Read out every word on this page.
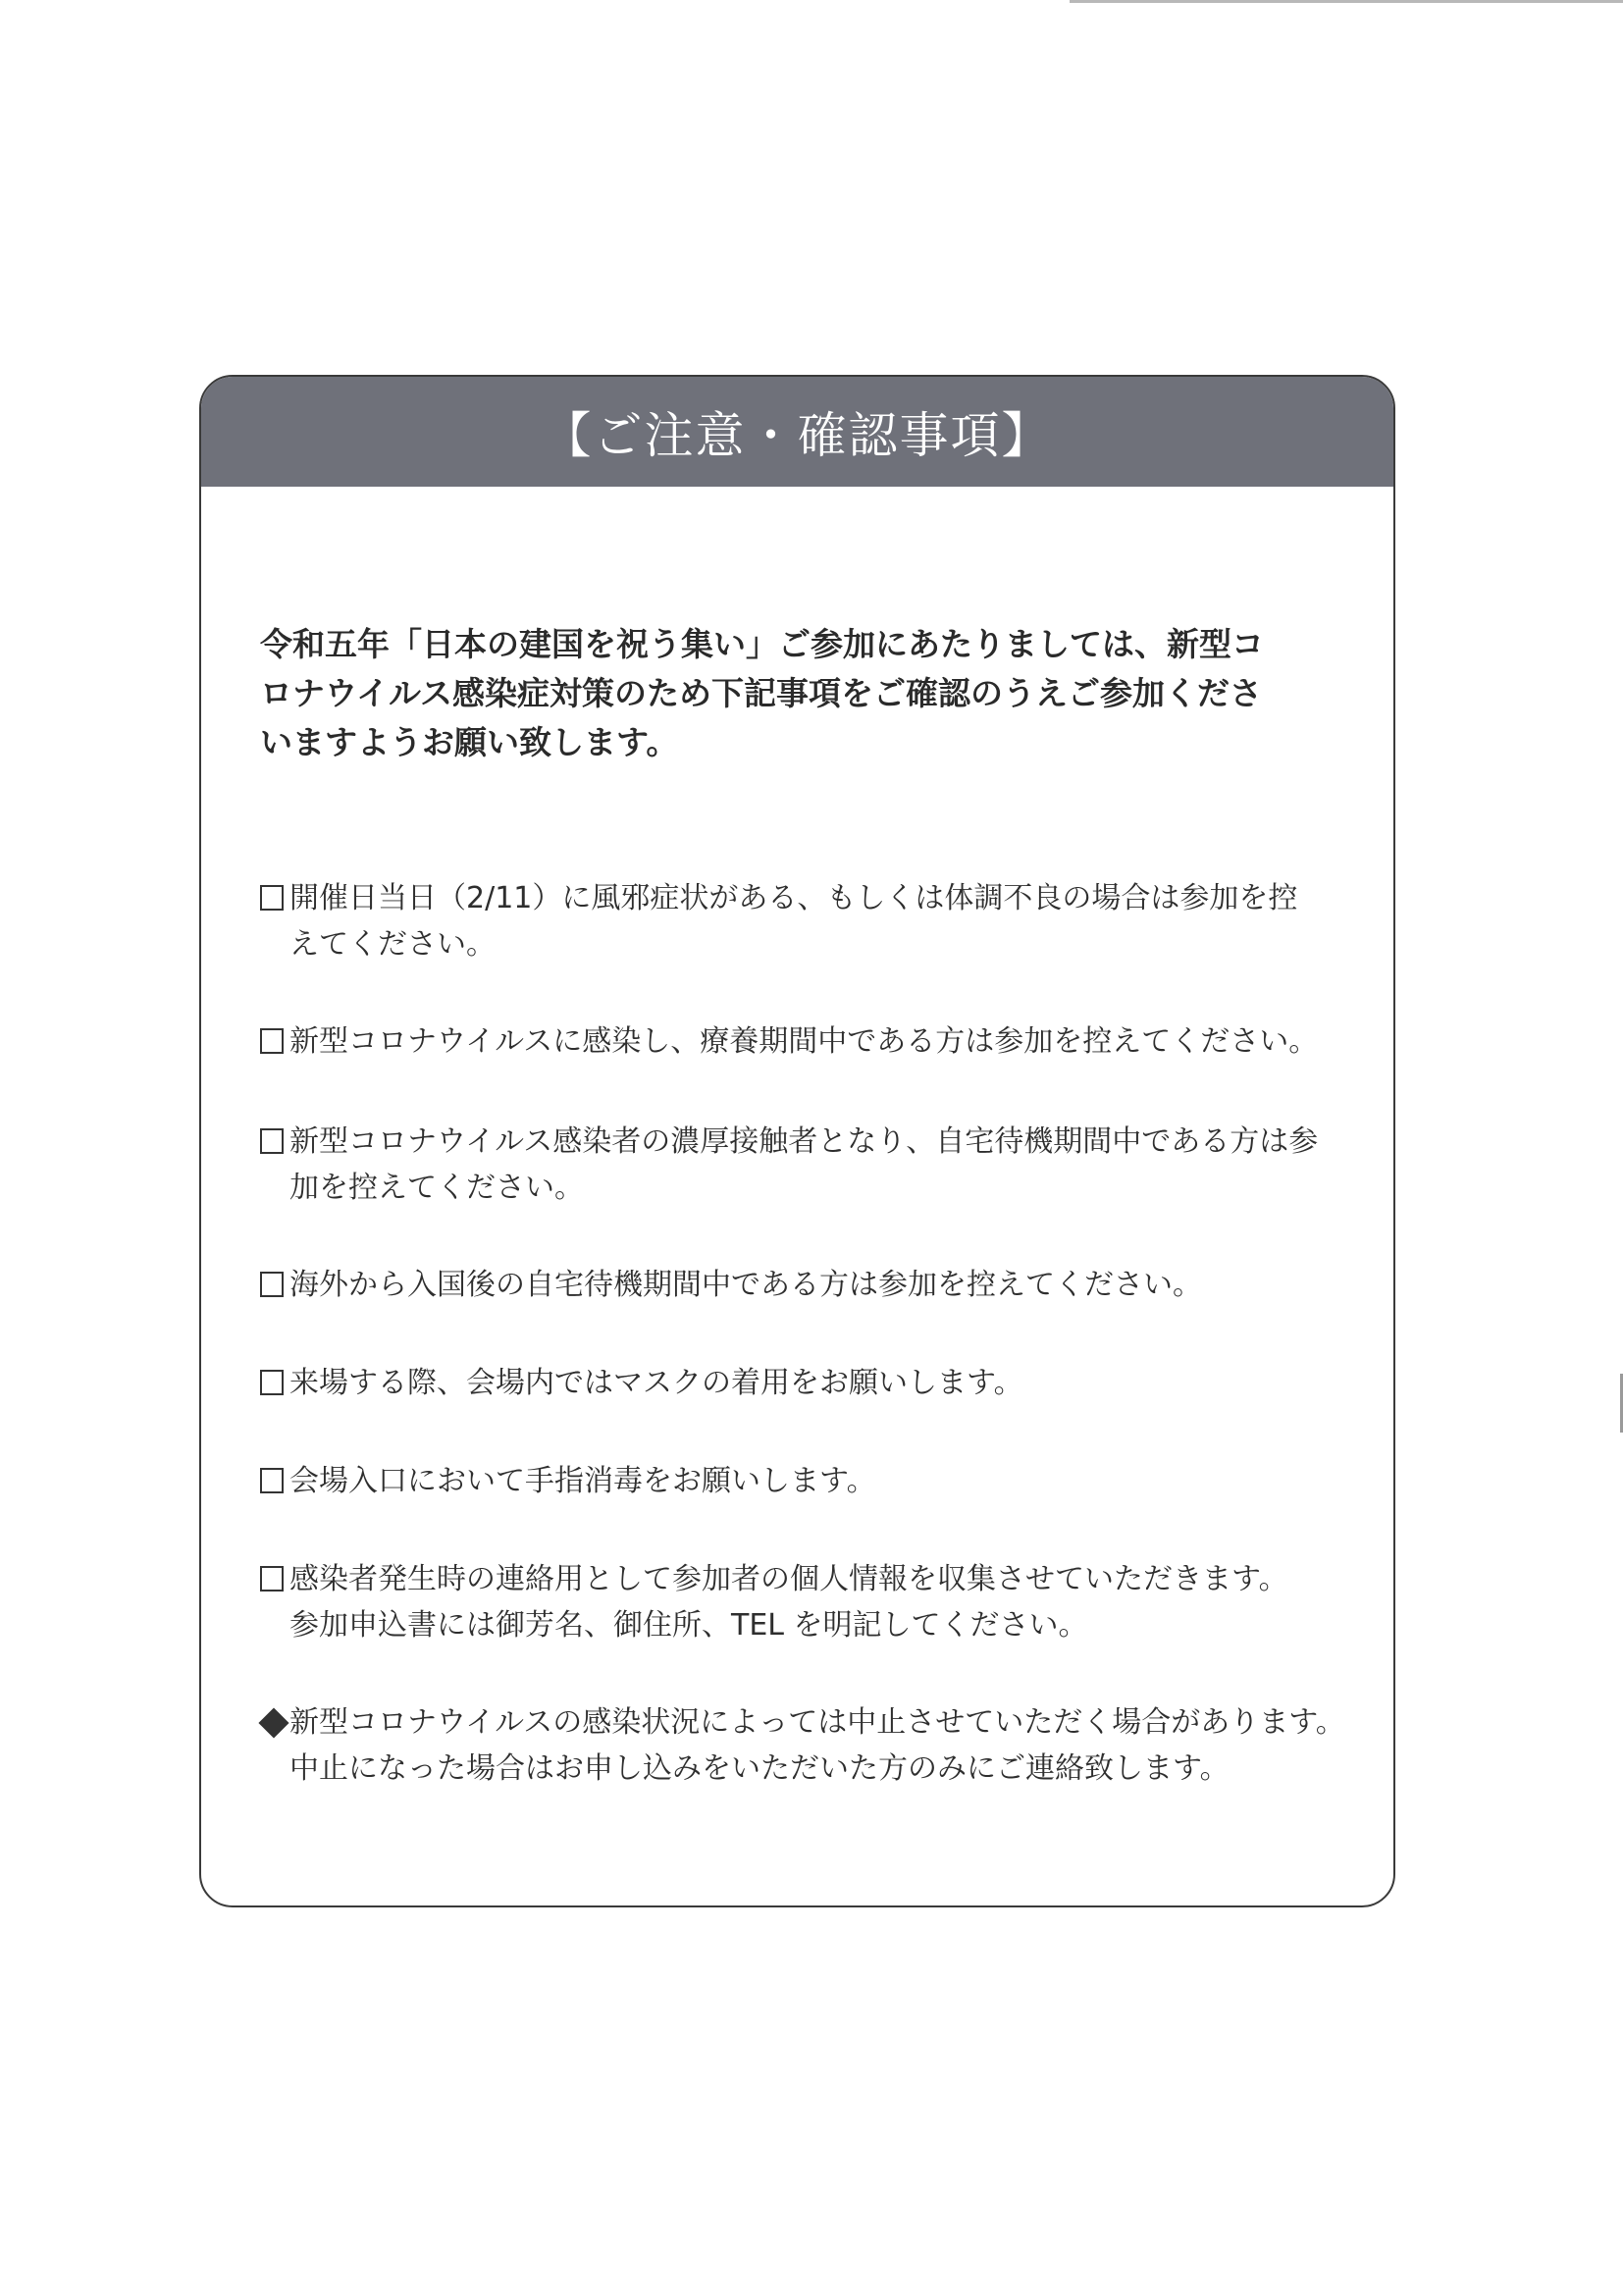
【ご注意・確認事項】

令和五年「日本の建国を祝う集い」ご参加にあたりましては、新型コ
ロナウイルス感染症対策のため下記事項をご確認のうえご参加くださ
いますようお願い致します。

開催日当日（2/11）に風邪症状がある、もしくは体調不良の場合は参加を控
えてください。
新型コロナウイルスに感染し、療養期間中である方は参加を控えてください。
新型コロナウイルス感染者の濃厚接触者となり、自宅待機期間中である方は参
加を控えてください。
海外から入国後の自宅待機期間中である方は参加を控えてください。
来場する際、会場内ではマスクの着用をお願いします。
会場入口において手指消毒をお願いします。
感染者発生時の連絡用として参加者の個人情報を収集させていただきます。
参加申込書には御芳名、御住所、TEL を明記してください。
新型コロナウイルスの感染状況によっては中止させていただく場合があります。
中止になった場合はお申し込みをいただいた方のみにご連絡致します。
